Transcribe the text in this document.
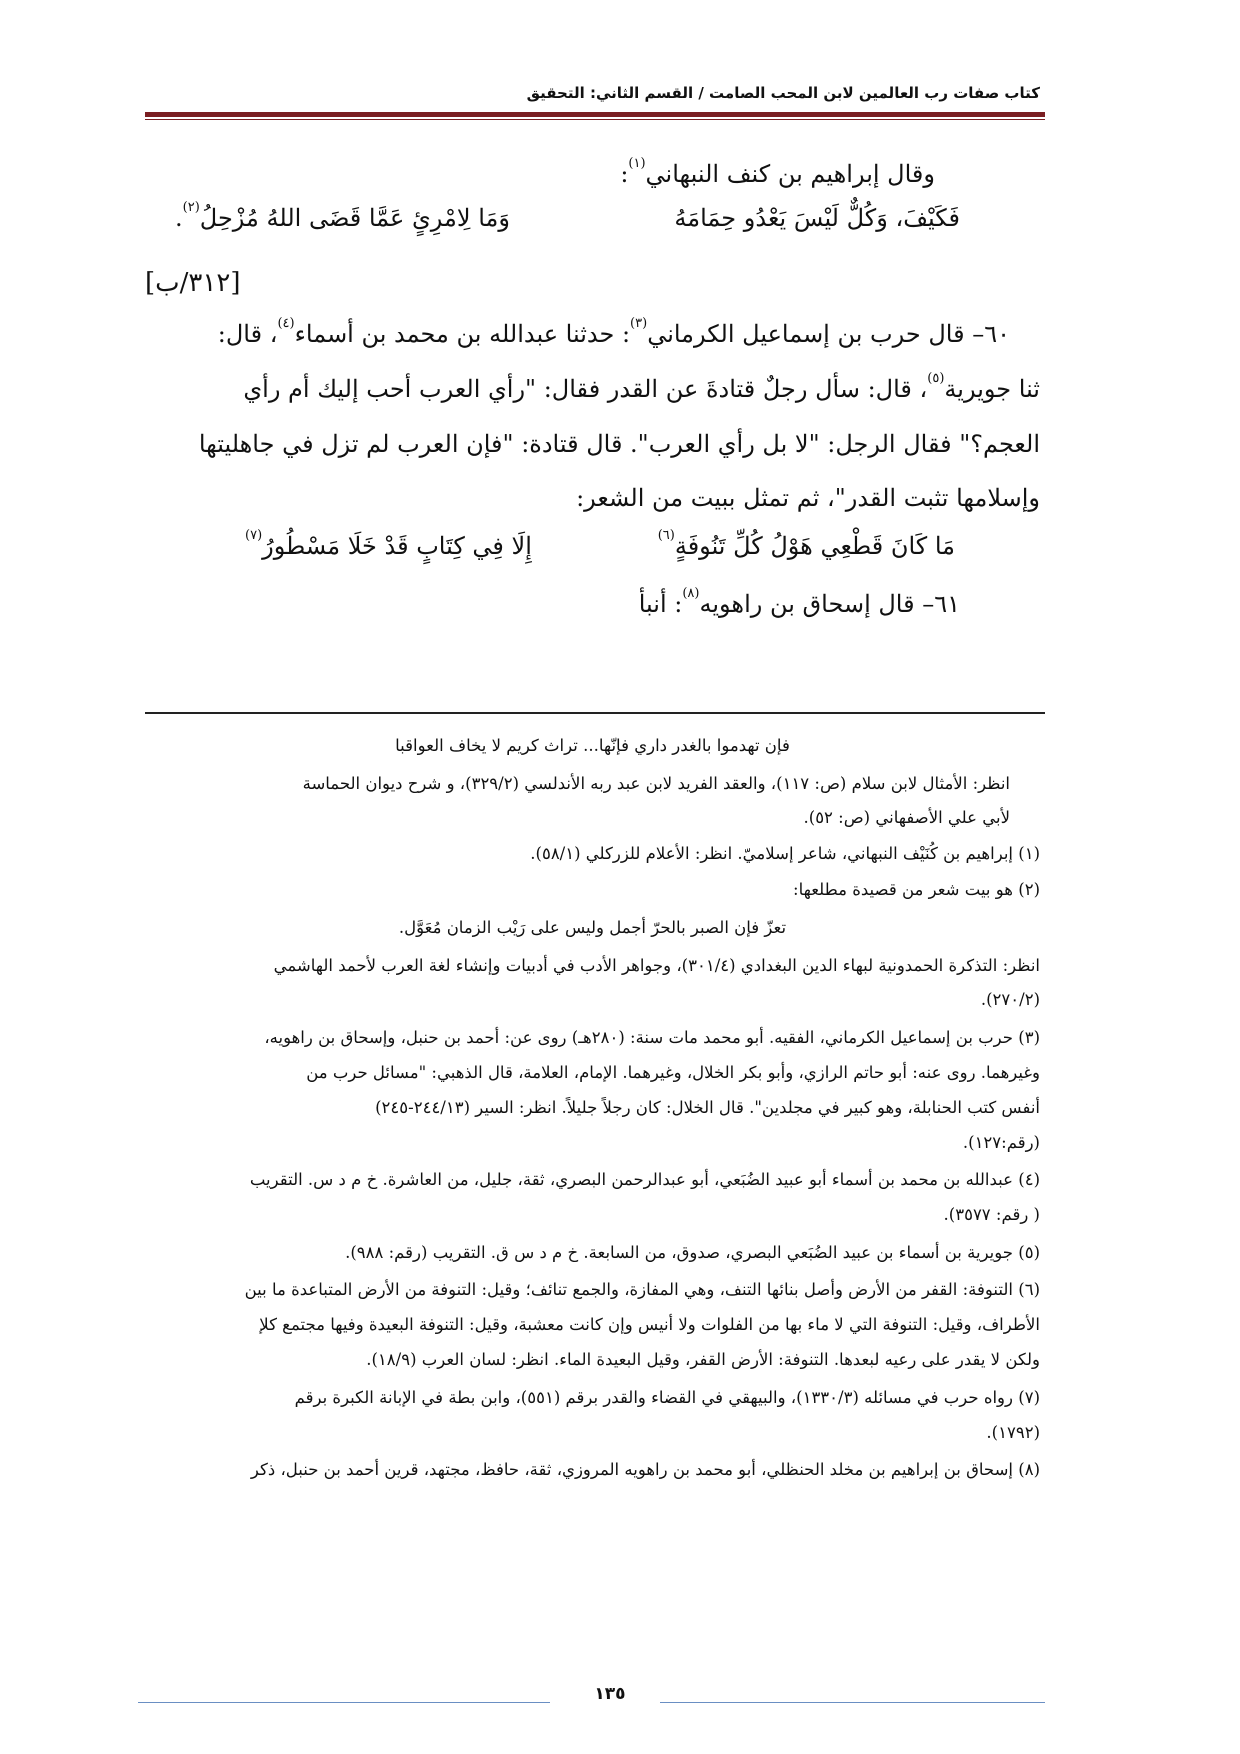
كتاب صفات رب العالمين لابن المحب الصامت / القسم الثاني: التحقيق
وقال إبراهيم بن كنف النبهاني$^{(١)}$:
فَكَيْفَ، وَكُلٌّ لَيْسَ يَعْدُو حِمَامَهُ
وَمَا لِامْرِئٍ عَمَّا قَضَى اللهُ مُزْحِلُ$^{(٢)}$.
[٣١٢/ب]
٦٠– قال حرب بن إسماعيل الكرماني$^{(٣)}$: حدثنا عبدالله بن محمد بن أسماء$^{(٤)}$، قال:
ثنا جويرية$^{(٥)}$، قال: سأل رجلٌ قتادةَ عن القدر فقال: "رأي العرب أحب إليك أم رأي
العجم؟" فقال الرجل: "لا بل رأي العرب". قال قتادة: "فإن العرب لم تزل في جاهليتها
وإسلامها تثبت القدر"، ثم تمثل ببيت من الشعر:
مَا كَانَ قَطْعِي هَوْلُ كُلِّ تَنُوفَةٍ$^{(٦)}$
إِلَا فِي كِتَابٍ قَدْ خَلَا مَسْطُورُ$^{(٧)}$
٦١– قال إسحاق بن راهويه$^{(٨)}$: أنبأ
فإن تهدموا بالغدر داري فإنّها... تراث كريم لا يخاف العواقبا
انظر: الأمثال لابن سلام (ص: ١١٧)، والعقد الفريد لابن عبد ربه الأندلسي (٣٢٩/٢)، و شرح ديوان الحماسة
لأبي علي الأصفهاني (ص: ٥٢).
(١) إبراهيم بن كُنَيْف النبهاني، شاعر إسلاميّ. انظر: الأعلام للزركلي (٥٨/١).
(٢) هو بيت شعر من قصيدة مطلعها:
تعزّ فإن الصبر بالحرّ أجمل وليس على رَيْب الزمان مُعَوَّل.
انظر: التذكرة الحمدونية لبهاء الدين البغدادي (٣٠١/٤)، وجواهر الأدب في أدبيات وإنشاء لغة العرب لأحمد الهاشمي
(٢٧٠/٢).
(٣) حرب بن إسماعيل الكرماني، الفقيه. أبو محمد مات سنة: (٢٨٠هـ) روى عن: أحمد بن حنبل، وإسحاق بن راهويه،
وغيرهما. روى عنه: أبو حاتم الرازي، وأبو بكر الخلال، وغيرهما. الإمام، العلامة، قال الذهبي: "مسائل حرب من
أنفس كتب الحنابلة، وهو كبير في مجلدين". قال الخلال: كان رجلاً جليلاً. انظر: السير (٢٤٤/١٣-٢٤٥)
(رقم:١٢٧).
(٤) عبدالله بن محمد بن أسماء أبو عبيد الضُبَعي، أبو عبدالرحمن البصري، ثقة، جليل، من العاشرة. خ م د س. التقريب
( رقم: ٣٥٧٧).
(٥) جويرية بن أسماء بن عبيد الضُبَعي البصري، صدوق، من السابعة. خ م د س ق. التقريب (رقم: ٩٨٨).
(٦) التنوفة: القفر من الأرض وأصل بنائها التنف، وهي المفازة، والجمع تنائف؛ وقيل: التنوفة من الأرض المتباعدة ما بين
الأطراف، وقيل: التنوفة التي لا ماء بها من الفلوات ولا أنيس وإن كانت معشبة، وقيل: التنوفة البعيدة وفيها مجتمع كلإ
ولكن لا يقدر على رعيه لبعدها. التنوفة: الأرض القفر، وقيل البعيدة الماء. انظر: لسان العرب (١٨/٩).
(٧) رواه حرب في مسائله (١٣٣٠/٣)، والبيهقي في القضاء والقدر برقم (٥٥١)، وابن بطة في الإبانة الكبرة برقم
(١٧٩٢).
(٨) إسحاق بن إبراهيم بن مخلد الحنظلي، أبو محمد بن راهويه المروزي، ثقة، حافظ، مجتهد، قرين أحمد بن حنبل، ذكر
١٣٥
